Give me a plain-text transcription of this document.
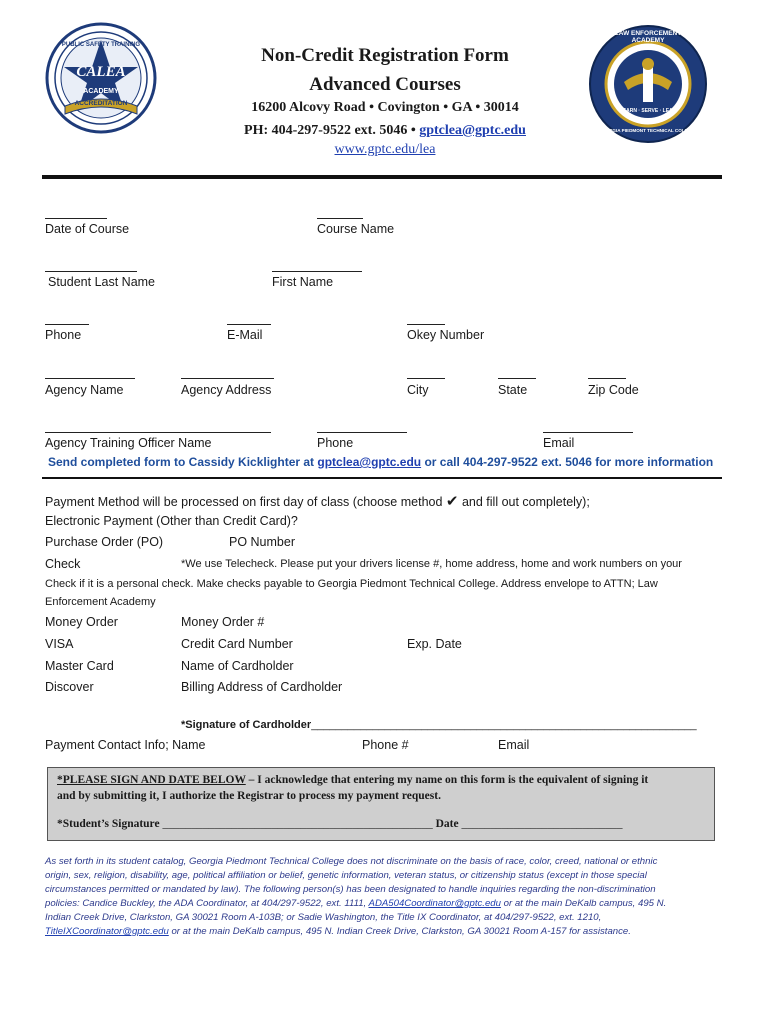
PUBLIC SAFETY TRAINING
CALEA
ACADEMY
ACCREDITATION
LAW ENFORCEMENT ACADEMY
LEARN · SERVE · LEAD
GEORGIA PIEDMONT TECHNICAL COLLEGE
Non-Credit Registration Form
Advanced Courses
16200 Alcovy Road • Covington • GA • 30014
PH: 404-297-9522 ext. 5046 • gptclea@gptc.edu
www.gptc.edu/lea
Date of Course	Course Name
Student Last Name	First Name
Phone	E-Mail	Okey Number
Agency Name	Agency Address	City	State	Zip Code
Agency Training Officer Name	Phone	Email
Send completed form to Cassidy Kicklighter at gptclea@gptc.edu or call 404-297-9522 ext. 5046 for more information
Payment Method will be processed on first day of class (choose method ✔ and fill out completely);
Electronic Payment (Other than Credit Card)?
Purchase Order (PO)	PO Number
Check	*We use Telecheck. Please put your drivers license #, home address, home and work numbers on your
Check if it is a personal check. Make checks payable to Georgia Piedmont Technical College. Address envelope to ATTN; Law
Enforcement Academy
Money Order	Money Order #
VISA	Credit Card Number	Exp. Date
Master Card	Name of Cardholder
Discover	Billing Address of Cardholder
*Signature of Cardholder_______________________________________________________________
Payment Contact Info; Name	Phone #	Email
*PLEASE SIGN AND DATE BELOW – I acknowledge that entering my name on this form is the equivalent of signing it
and by submitting it, I authorize the Registrar to process my payment request.
*Student’s Signature _______________________________________________ Date ____________________________
As set forth in its student catalog, Georgia Piedmont Technical College does not discriminate on the basis of race, color, creed, national or ethnic
origin, sex, religion, disability, age, political affiliation or belief, genetic information, veteran status, or citizenship status (except in those special
circumstances permitted or mandated by law). The following person(s) has been designated to handle inquiries regarding the non-discrimination
policies: Candice Buckley, the ADA Coordinator, at 404/297-9522, ext. 1111, ADA504Coordinator@gptc.edu or at the main DeKalb campus, 495 N.
Indian Creek Drive, Clarkston, GA 30021 Room A-103B; or Sadie Washington, the Title IX Coordinator, at 404/297-9522, ext. 1210,
TitleIXCoordinator@gptc.edu or at the main DeKalb campus, 495 N. Indian Creek Drive, Clarkston, GA 30021 Room A-157 for assistance.
